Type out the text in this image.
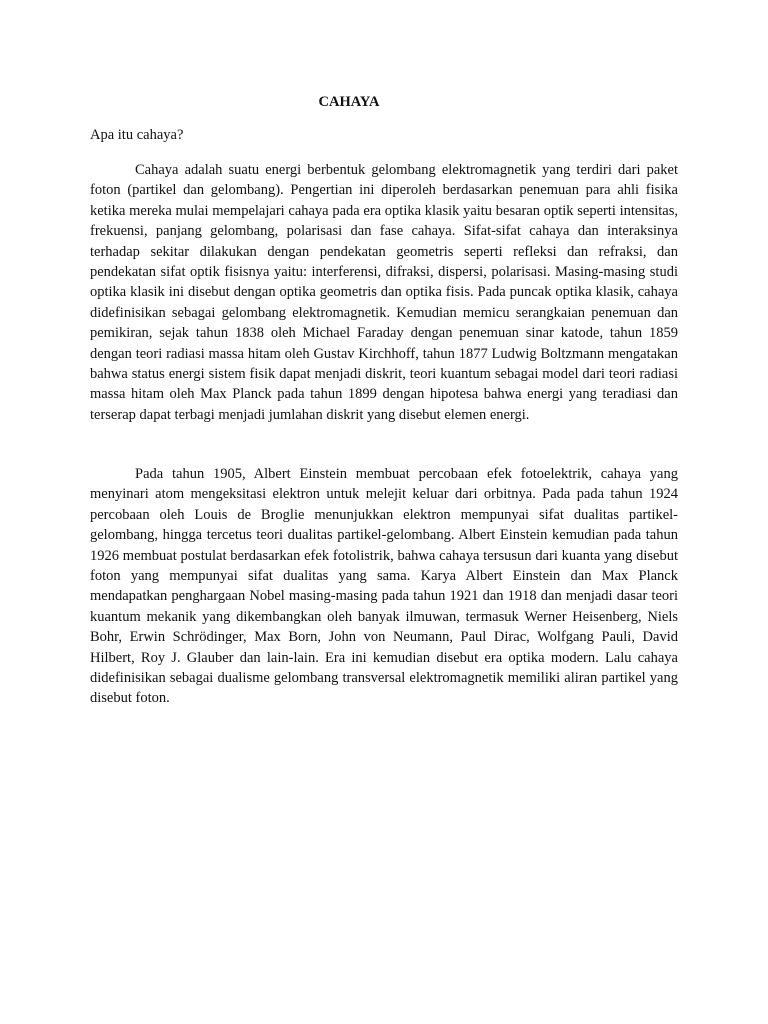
CAHAYA

Apa itu cahaya?

Cahaya adalah suatu energi berbentuk gelombang elektromagnetik yang terdiri dari paket foton (partikel dan gelombang). Pengertian ini diperoleh berdasarkan penemuan para ahli fisika ketika mereka mulai mempelajari cahaya pada era optika klasik yaitu besaran optik seperti intensitas, frekuensi, panjang gelombang, polarisasi dan fase cahaya. Sifat-sifat cahaya dan interaksinya terhadap sekitar dilakukan dengan pendekatan geometris seperti refleksi dan refraksi, dan pendekatan sifat optik fisisnya yaitu: interferensi, difraksi, dispersi, polarisasi. Masing-masing studi optika klasik ini disebut dengan optika geometris dan optika fisis. Pada puncak optika klasik, cahaya didefinisikan sebagai gelombang elektromagnetik. Kemudian memicu serangkaian penemuan dan pemikiran, sejak tahun 1838 oleh Michael Faraday dengan penemuan sinar katode, tahun 1859 dengan teori radiasi massa hitam oleh Gustav Kirchhoff, tahun 1877 Ludwig Boltzmann mengatakan bahwa status energi sistem fisik dapat menjadi diskrit, teori kuantum sebagai model dari teori radiasi massa hitam oleh Max Planck pada tahun 1899 dengan hipotesa bahwa energi yang teradiasi dan terserap dapat terbagi menjadi jumlahan diskrit yang disebut elemen energi.

Pada tahun 1905, Albert Einstein membuat percobaan efek fotoelektrik, cahaya yang menyinari atom mengeksitasi elektron untuk melejit keluar dari orbitnya. Pada pada tahun 1924 percobaan oleh Louis de Broglie menunjukkan elektron mempunyai sifat dualitas partikel-gelombang, hingga tercetus teori dualitas partikel-gelombang. Albert Einstein kemudian pada tahun 1926 membuat postulat berdasarkan efek fotolistrik, bahwa cahaya tersusun dari kuanta yang disebut foton yang mempunyai sifat dualitas yang sama. Karya Albert Einstein dan Max Planck mendapatkan penghargaan Nobel masing-masing pada tahun 1921 dan 1918 dan menjadi dasar teori kuantum mekanik yang dikembangkan oleh banyak ilmuwan, termasuk Werner Heisenberg, Niels Bohr, Erwin Schrödinger, Max Born, John von Neumann, Paul Dirac, Wolfgang Pauli, David Hilbert, Roy J. Glauber dan lain-lain. Era ini kemudian disebut era optika modern. Lalu cahaya didefinisikan sebagai dualisme gelombang transversal elektromagnetik memiliki aliran partikel yang disebut foton.
